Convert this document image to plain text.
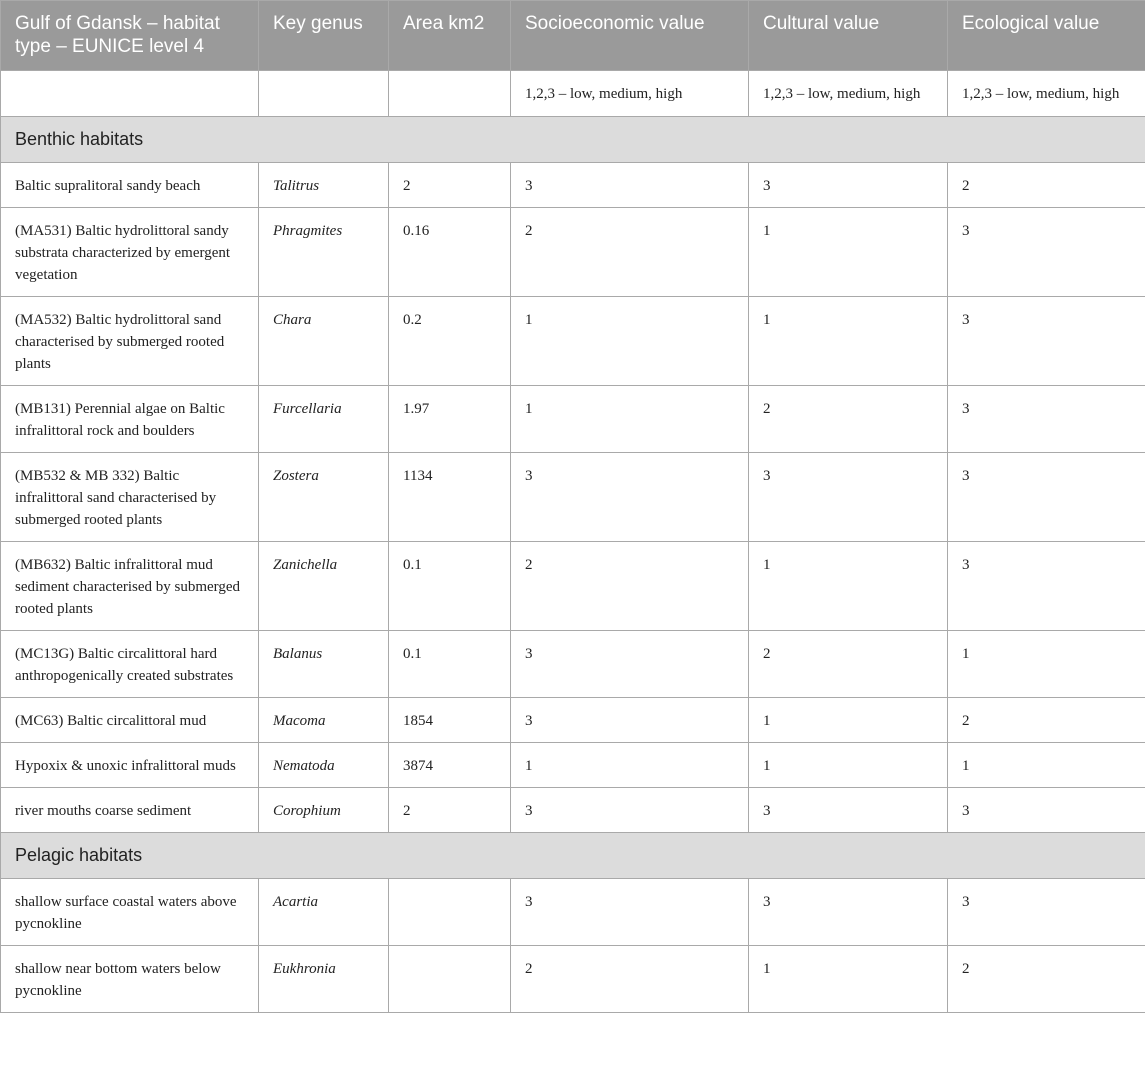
Gulf of Gdansk – habitat type – EUNICE level 4	Key genus	Area km2	Socioeconomic value	Cultural value	Ecological value
			1,2,3 – low, medium, high	1,2,3 – low, medium, high	1,2,3 – low, medium, high
Benthic habitats					
Baltic supralitoral sandy beach	Talitrus	2	3	3	2
(MA531) Baltic hydrolittoral sandy substrata characterized by emergent vegetation	Phragmites	0.16	2	1	3
(MA532) Baltic hydrolittoral sand characterised by submerged rooted plants	Chara	0.2	1	1	3
(MB131) Perennial algae on Baltic infralittoral rock and boulders	Furcellaria	1.97	1	2	3
(MB532 & MB 332) Baltic infralittoral sand characterised by submerged rooted plants	Zostera	1134	3	3	3
(MB632) Baltic infralittoral mud sediment characterised by submerged rooted plants	Zanichella	0.1	2	1	3
(MC13G) Baltic circalittoral hard anthropogenically created substrates	Balanus	0.1	3	2	1
(MC63) Baltic circalittoral mud	Macoma	1854	3	1	2
Hypoxix & unoxic infralittoral muds	Nematoda	3874	1	1	1
river mouths coarse sediment	Corophium	2	3	3	3
Pelagic habitats					
shallow surface coastal waters above pycnokline	Acartia		3	3	3
shallow near bottom waters below pycnokline	Eukhronia		2	1	2
